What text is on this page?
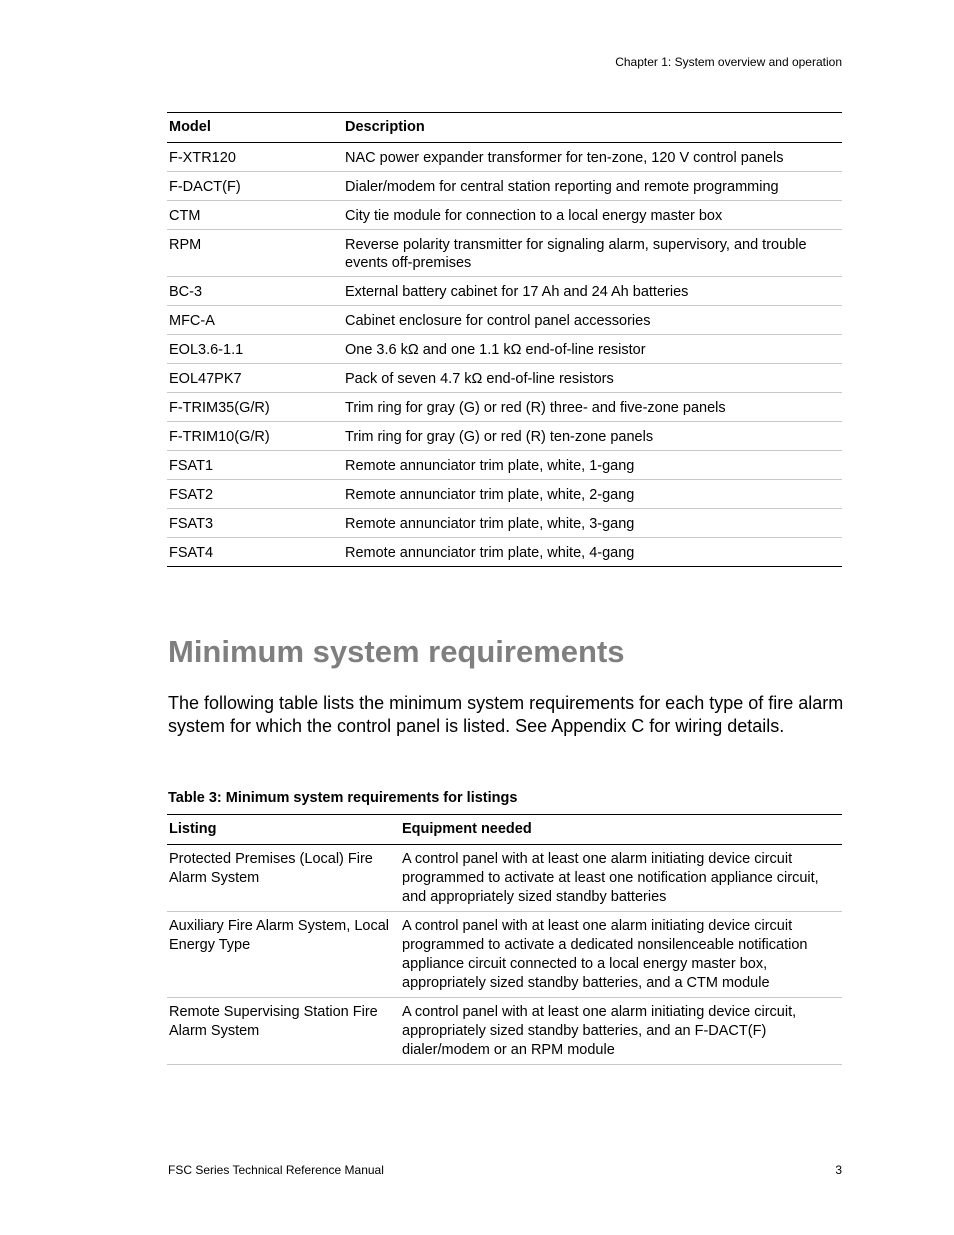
Chapter 1: System overview and operation
Model	Description
F-XTR120	NAC power expander transformer for ten-zone, 120 V control panels
F-DACT(F)	Dialer/modem for central station reporting and remote programming
CTM	City tie module for connection to a local energy master box
RPM	Reverse polarity transmitter for signaling alarm, supervisory, and trouble events off-premises
BC-3	External battery cabinet for 17 Ah and 24 Ah batteries
MFC-A	Cabinet enclosure for control panel accessories
EOL3.6-1.1	One 3.6 kΩ and one 1.1 kΩ end-of-line resistor
EOL47PK7	Pack of seven 4.7 kΩ end-of-line resistors
F-TRIM35(G/R)	Trim ring for gray (G) or red (R) three- and five-zone panels
F-TRIM10(G/R)	Trim ring for gray (G) or red (R) ten-zone panels
FSAT1	Remote annunciator trim plate, white, 1-gang
FSAT2	Remote annunciator trim plate, white, 2-gang
FSAT3	Remote annunciator trim plate, white, 3-gang
FSAT4	Remote annunciator trim plate, white, 4-gang
Minimum system requirements

The following table lists the minimum system requirements for each type of fire alarm system for which the control panel is listed. See Appendix C for wiring details.

Table 3: Minimum system requirements for listings

Listing	Equipment needed
Protected Premises (Local) Fire Alarm System	A control panel with at least one alarm initiating device circuit programmed to activate at least one notification appliance circuit, and appropriately sized standby batteries
Auxiliary Fire Alarm System, Local Energy Type	A control panel with at least one alarm initiating device circuit programmed to activate a dedicated nonsilenceable notification appliance circuit connected to a local energy master box, appropriately sized standby batteries, and a CTM module
Remote Supervising Station Fire Alarm System	A control panel with at least one alarm initiating device circuit, appropriately sized standby batteries, and an F-DACT(F) dialer/modem or an RPM module
FSC Series Technical Reference Manual	3
